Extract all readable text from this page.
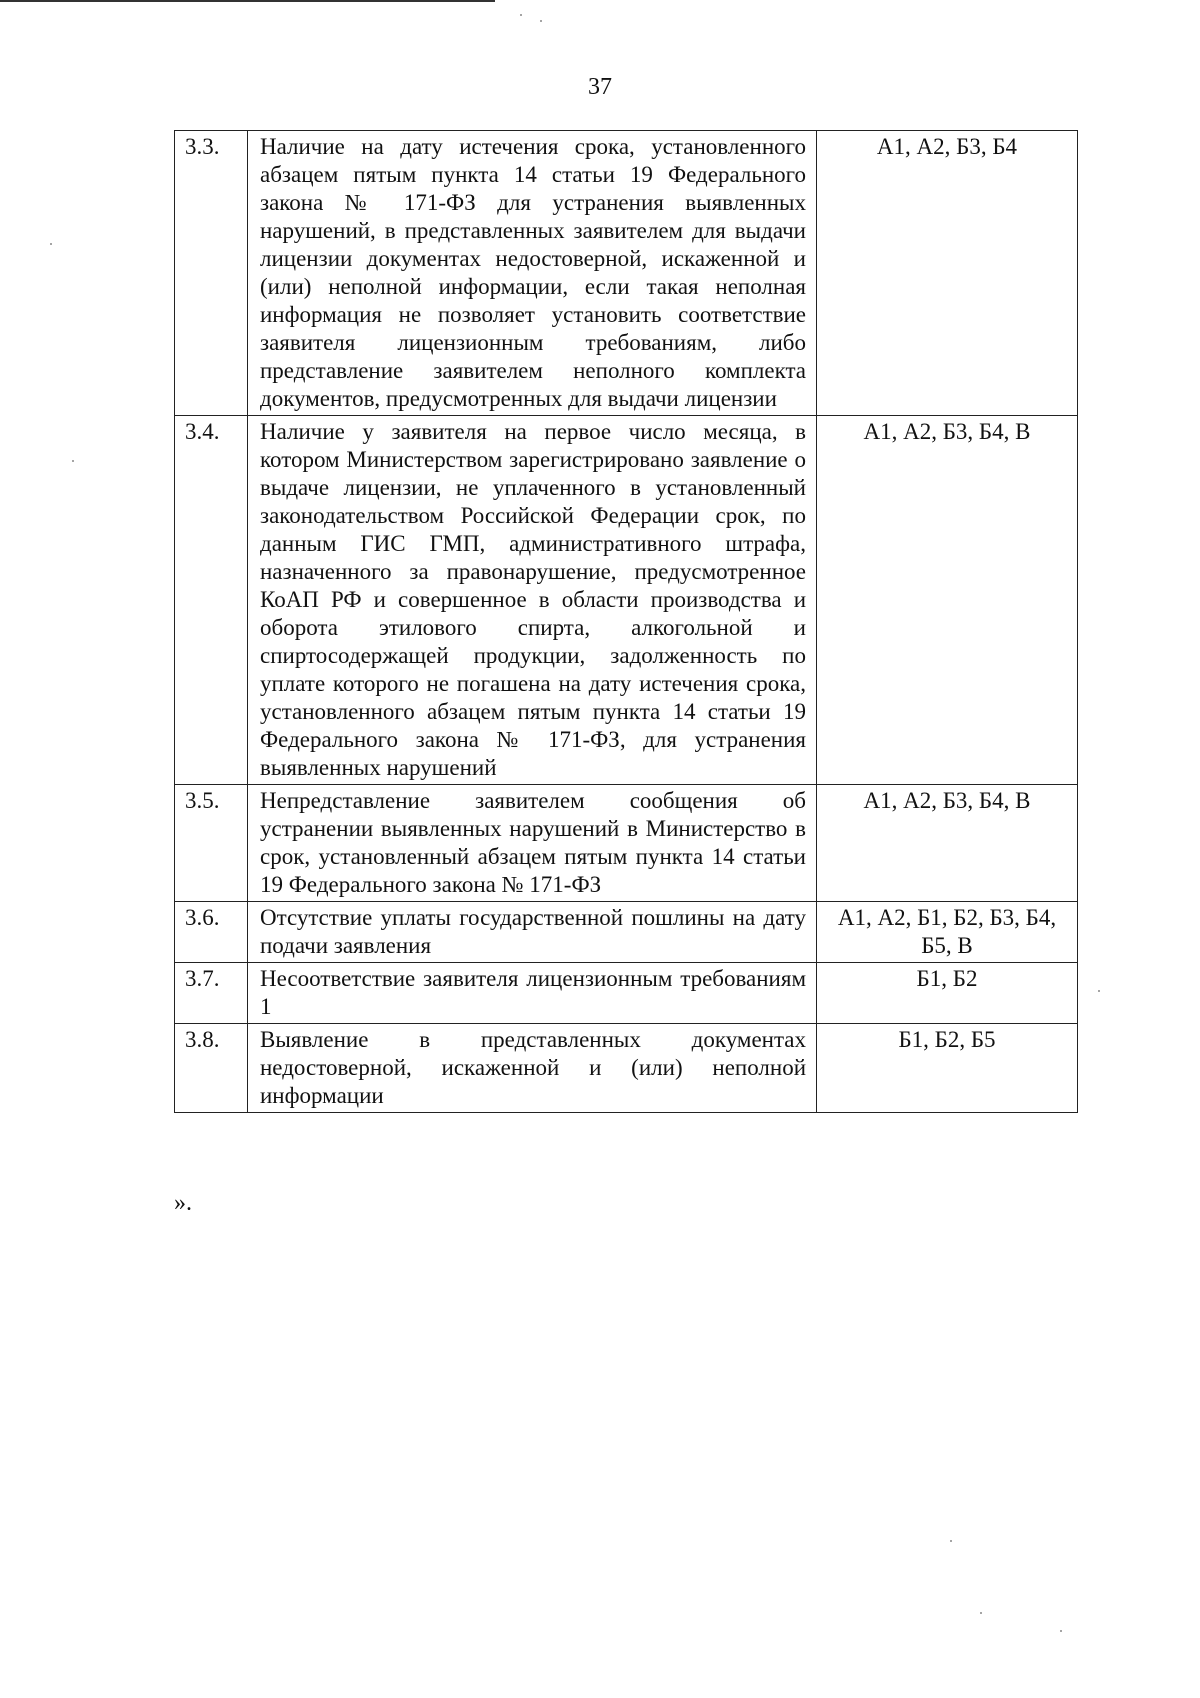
37
3.3.	Наличие на дату истечения срока, установленного абзацем пятым пункта 14 статьи 19 Федерального закона № 171-ФЗ для устранения выявленных нарушений, в представленных заявителем для выдачи лицензии документах недостоверной, искаженной и (или) неполной информации, если такая неполная информация не позволяет установить соответствие заявителя лицензионным требованиям, либо представление заявителем неполного комплекта документов, предусмотренных для выдачи лицензии	А1, А2, Б3, Б4
3.4.	Наличие у заявителя на первое число месяца, в котором Министерством зарегистрировано заявление о выдаче лицензии, не уплаченного в установленный законодательством Российской Федерации срок, по данным ГИС ГМП, административного штрафа, назначенного за правонарушение, предусмотренное КоАП РФ и совершенное в области производства и оборота этилового спирта, алкогольной и спиртосодержащей продукции, задолженность по уплате которого не погашена на дату истечения срока, установленного абзацем пятым пункта 14 статьи 19 Федерального закона № 171-ФЗ, для устранения выявленных нарушений	А1, А2, Б3, Б4, В
3.5.	Непредставление заявителем сообщения об устранении выявленных нарушений в Министерство в срок, установленный абзацем пятым пункта 14 статьи 19 Федерального закона № 171-ФЗ	А1, А2, Б3, Б4, В
3.6.	Отсутствие уплаты государственной пошлины на дату подачи заявления	А1, А2, Б1, Б2, Б3, Б4, Б5, В
3.7.	Несоответствие заявителя лицензионным требованиям 1	Б1, Б2
3.8.	Выявление в представленных документах недостоверной, искаженной и (или) неполной информации	Б1, Б2, Б5
».
